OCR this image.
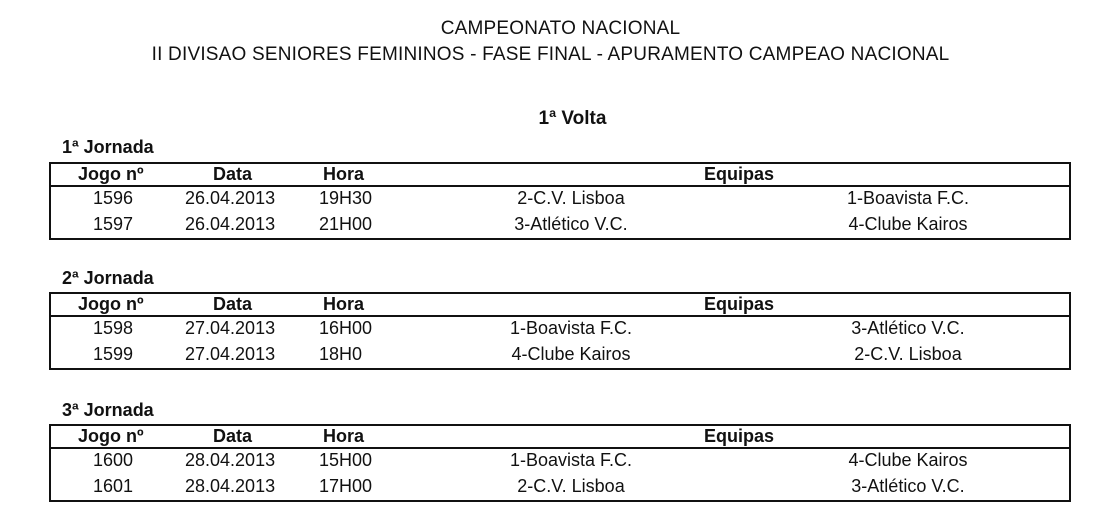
CAMPEONATO NACIONAL
II DIVISAO SENIORES FEMININOS - FASE FINAL - APURAMENTO CAMPEAO NACIONAL
1ª Volta
1ª Jornada
Jogo nº	Data	Hora	Equipas
1596	26.04.2013 19H30	2-C.V. Lisboa	1-Boavista F.C.
1597	26.04.2013 21H00	3-Atlético V.C.	4-Clube Kairos
2ª Jornada
Jogo nº	Data	Hora	Equipas
1598	27.04.2013 16H00	1-Boavista F.C.	3-Atlético V.C.
1599	27.04.2013 18H0	4-Clube Kairos	2-C.V. Lisboa
3ª Jornada
Jogo nº	Data	Hora	Equipas
1600	28.04.2013 15H00	1-Boavista F.C.	4-Clube Kairos
1601	28.04.2013 17H00	2-C.V. Lisboa	3-Atlético V.C.
